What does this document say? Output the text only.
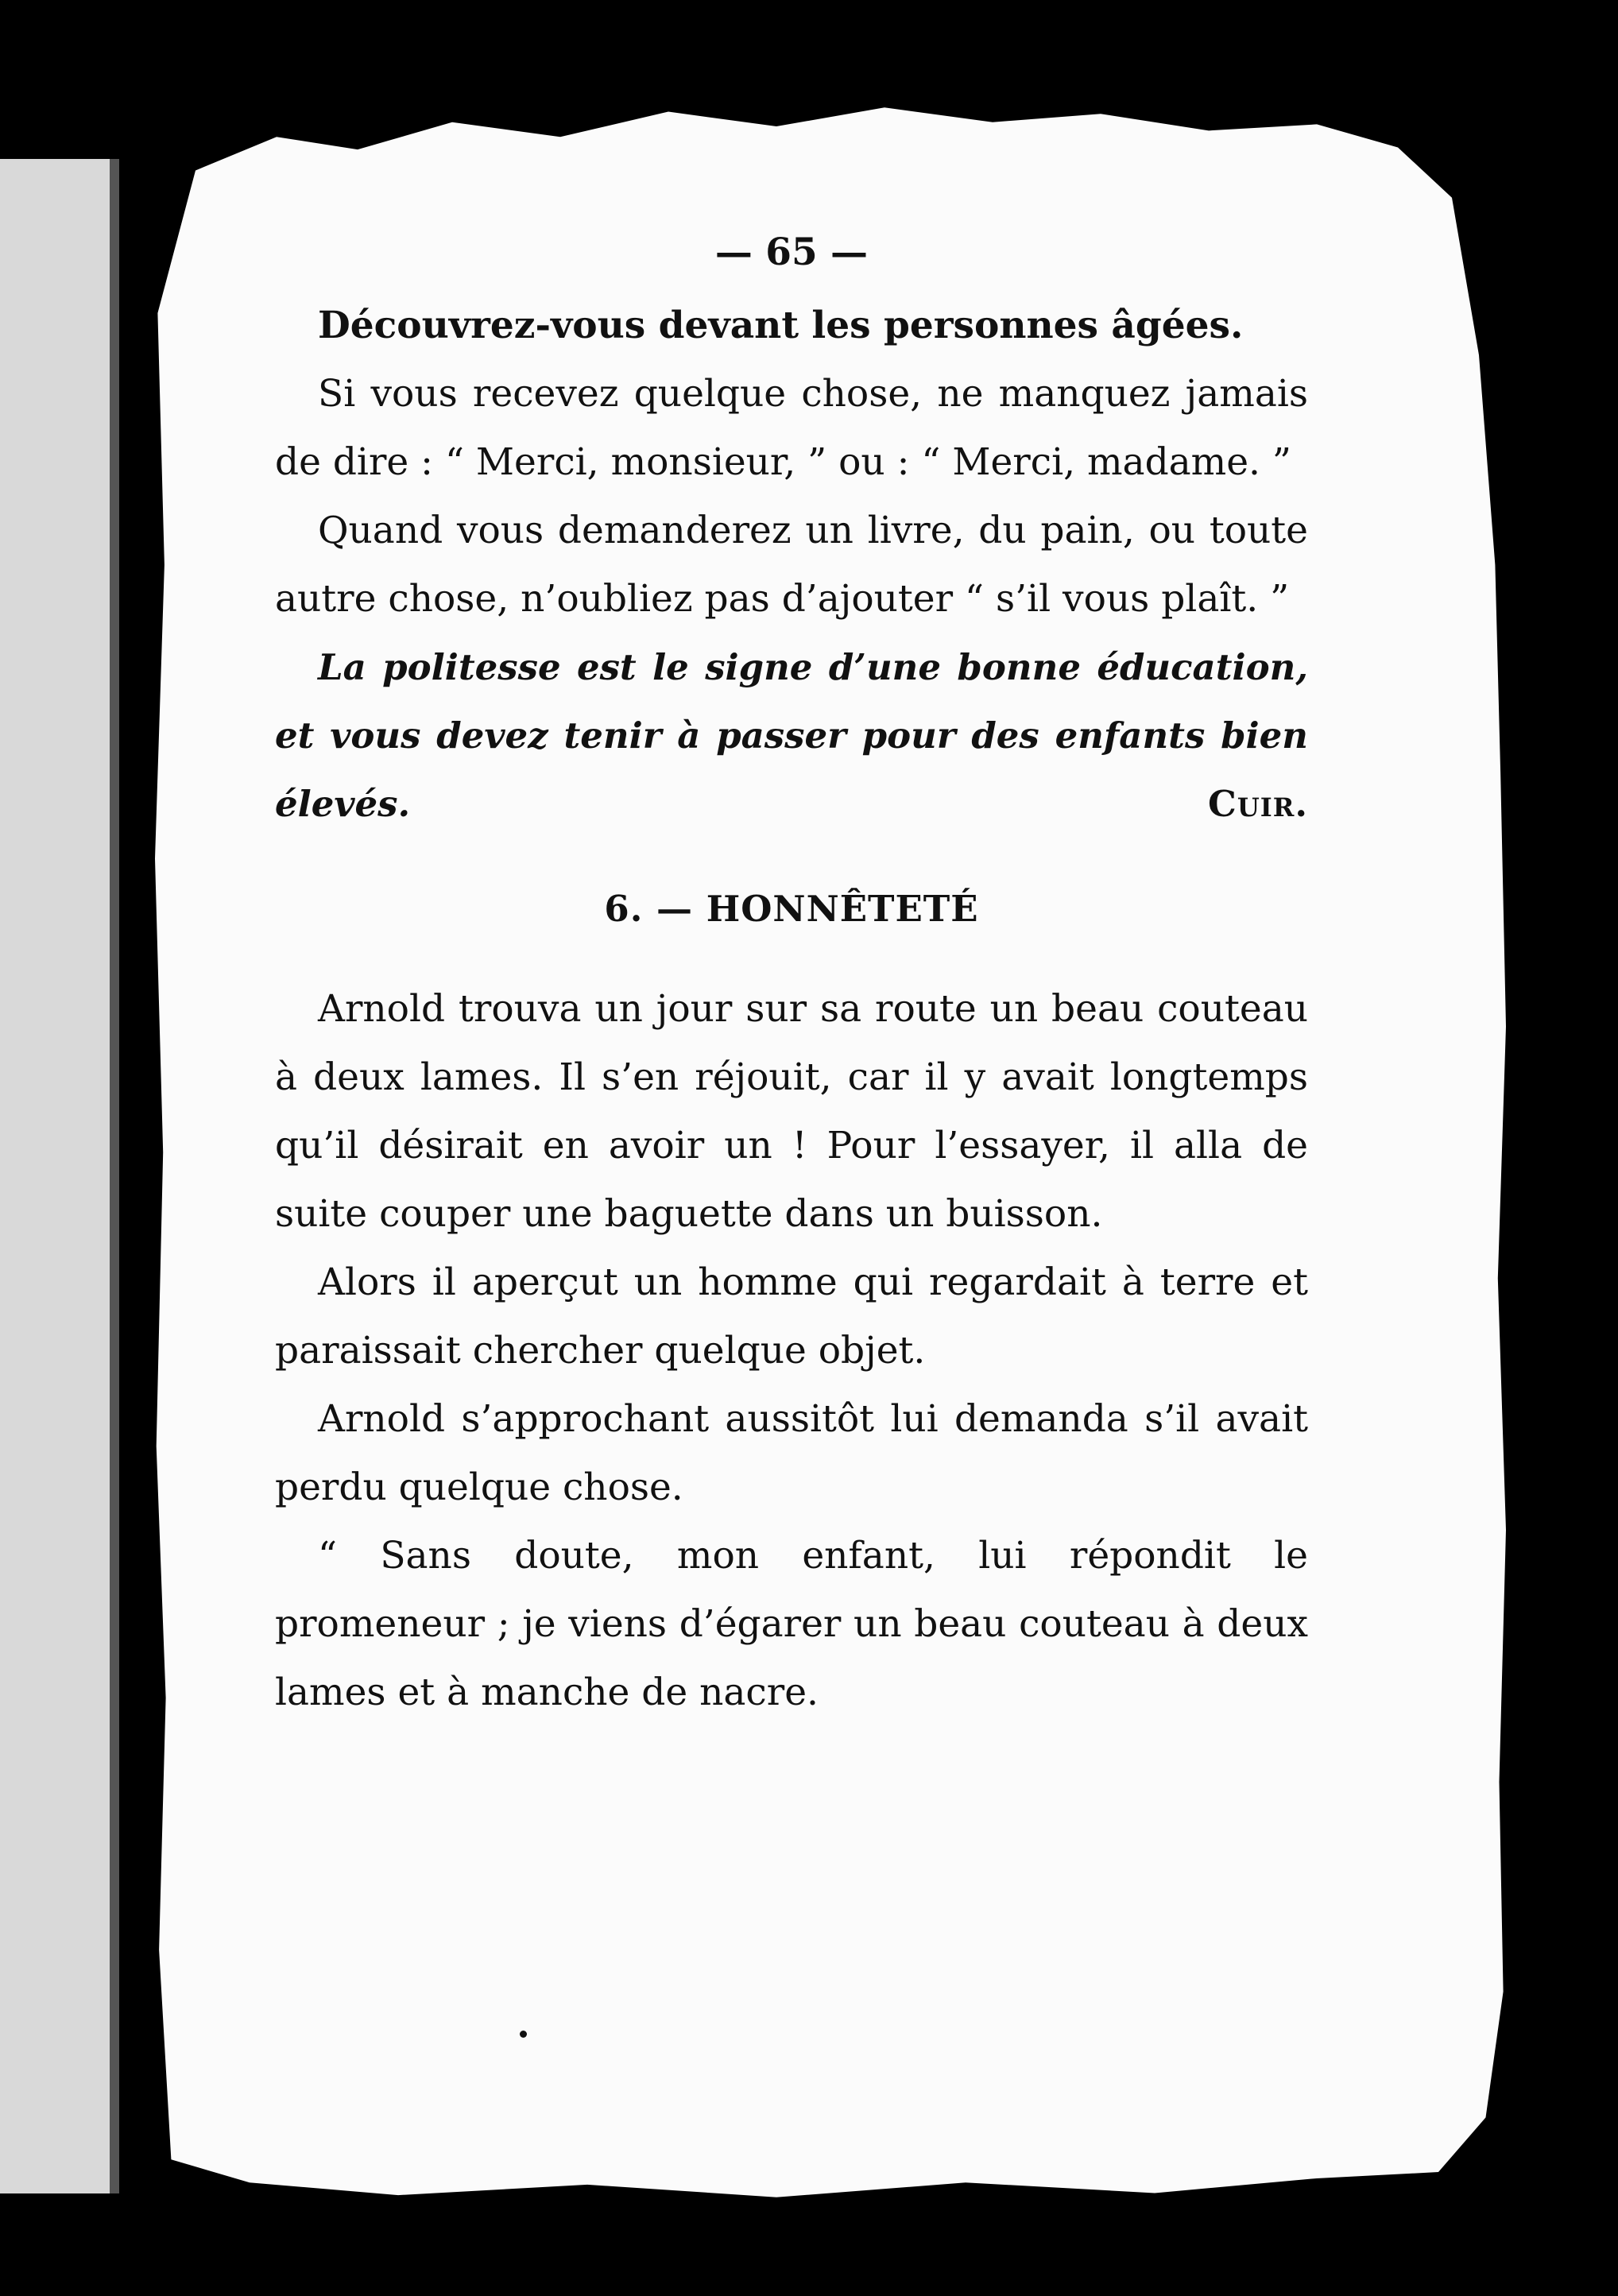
— 65 —

Découvrez-vous devant les personnes âgées.

Si vous recevez quelque chose, ne manquez jamais de dire : “ Merci, monsieur, ” ou : “ Merci, madame. ”

Quand vous demanderez un livre, du pain, ou toute autre chose, n’oubliez pas d’ajouter “ s’il vous plaît. ”

La politesse est le signe d’une bonne éducation, et vous devez tenir à passer pour des enfants bien élevés.	Cuir.

6. — HONNÊTETÉ

Arnold trouva un jour sur sa route un beau couteau à deux lames. Il s’en réjouit, car il y avait longtemps qu’il désirait en avoir un ! Pour l’essayer, il alla de suite couper une baguette dans un buisson.

Alors il aperçut un homme qui regardait à terre et paraissait chercher quelque objet.

Arnold s’approchant aussitôt lui demanda s’il avait perdu quelque chose.

“ Sans doute, mon enfant, lui répondit le promeneur ; je viens d’égarer un beau couteau à deux lames et à manche de nacre.
